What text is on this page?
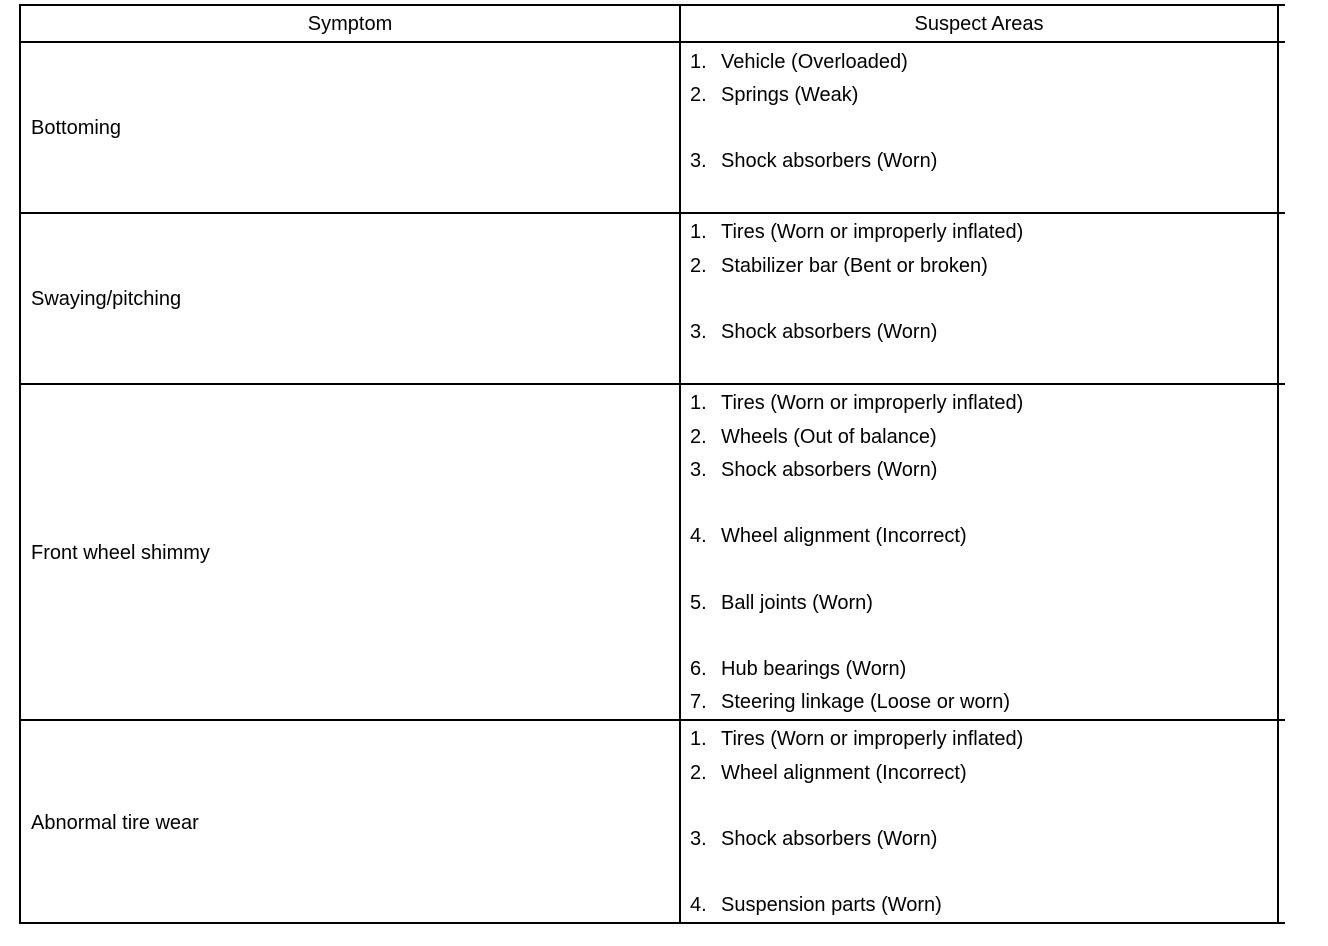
Symptom	Suspect Areas
Bottoming
1. Vehicle (Overloaded)
2. Springs (Weak)
3. Shock absorbers (Worn)
Swaying/pitching
1. Tires (Worn or improperly inflated)
2. Stabilizer bar (Bent or broken)
3. Shock absorbers (Worn)
Front wheel shimmy
1. Tires (Worn or improperly inflated)
2. Wheels (Out of balance)
3. Shock absorbers (Worn)
4. Wheel alignment (Incorrect)
5. Ball joints (Worn)
6. Hub bearings (Worn)
7. Steering linkage (Loose or worn)
Abnormal tire wear
1. Tires (Worn or improperly inflated)
2. Wheel alignment (Incorrect)
3. Shock absorbers (Worn)
4. Suspension parts (Worn)
